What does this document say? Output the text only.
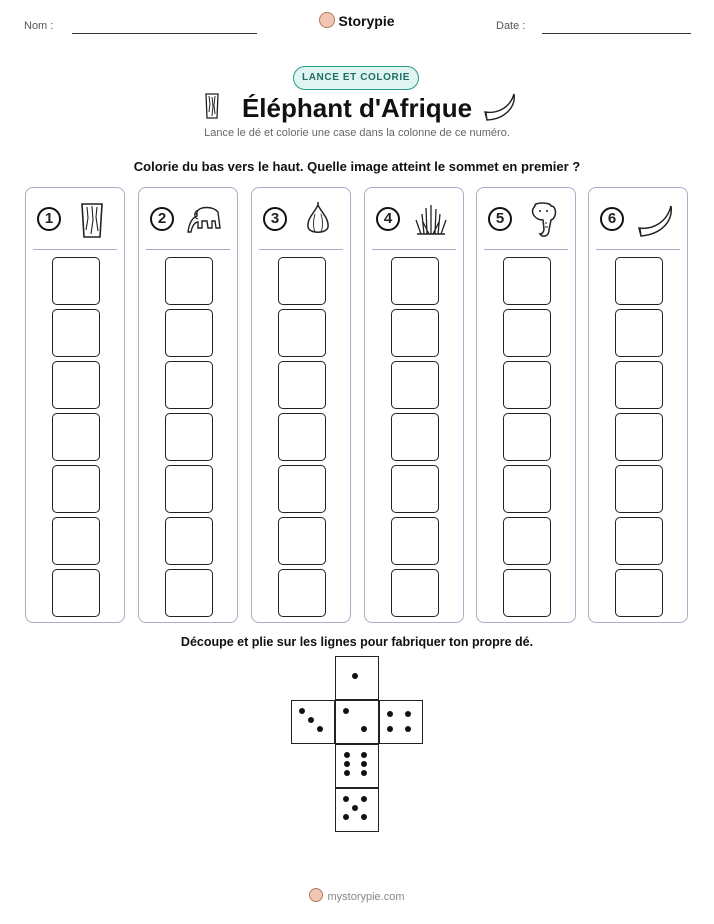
Nom :	Storypie	Date :
LANCE ET COLORIE
Éléphant d'Afrique
Lance le dé et colorie une case dans la colonne de ce numéro.
Colorie du bas vers le haut. Quelle image atteint le sommet en premier ?
1	2	3	4	5	6
Découpe et plie sur les lignes pour fabriquer ton propre dé.
mystorypie.com
